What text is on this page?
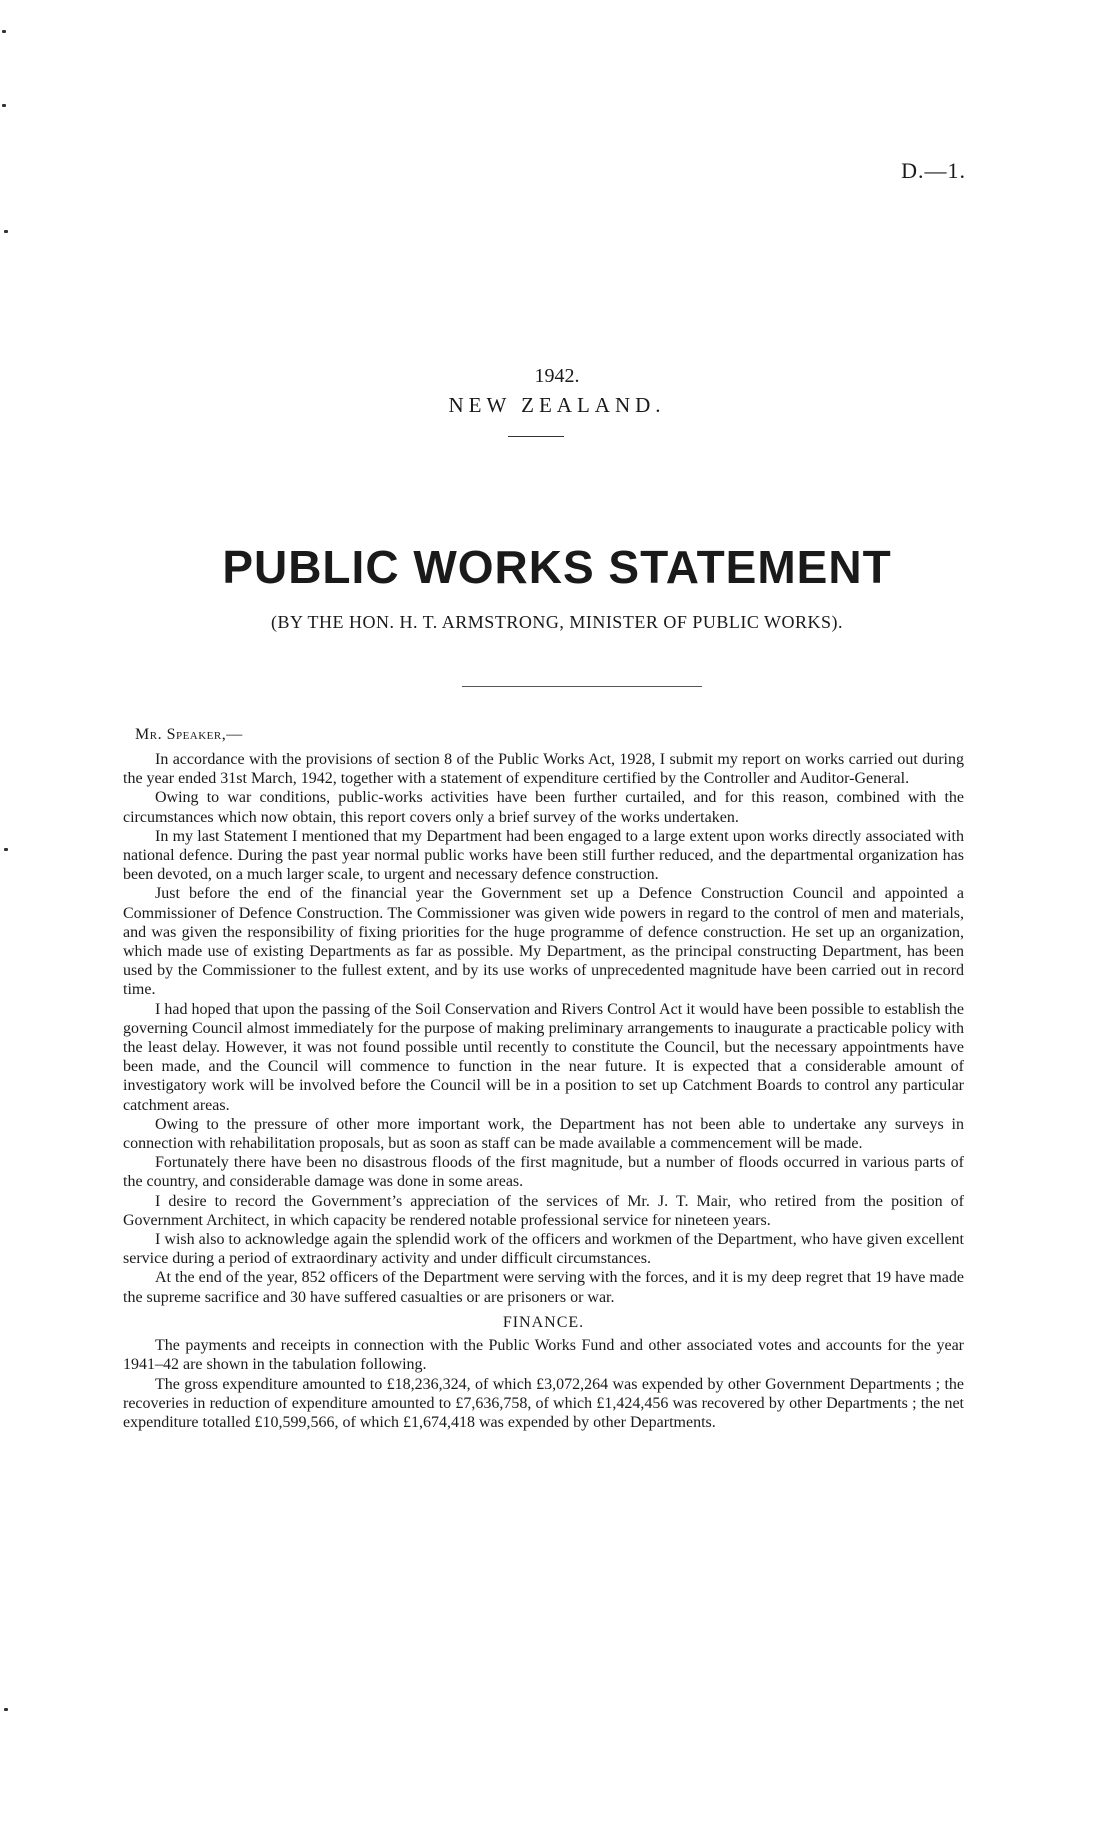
D.—1.
1942.
NEW ZEALAND.
PUBLIC WORKS STATEMENT
(BY THE HON. H. T. ARMSTRONG, MINISTER OF PUBLIC WORKS).
Mr. Speaker,—

In accordance with the provisions of section 8 of the Public Works Act, 1928, I submit my report on works carried out during the year ended 31st March, 1942, together with a statement of expenditure certified by the Controller and Auditor-General.

Owing to war conditions, public-works activities have been further curtailed, and for this reason, combined with the circumstances which now obtain, this report covers only a brief survey of the works undertaken.

In my last Statement I mentioned that my Department had been engaged to a large extent upon works directly associated with national defence. During the past year normal public works have been still further reduced, and the departmental organization has been devoted, on a much larger scale, to urgent and necessary defence construction.

Just before the end of the financial year the Government set up a Defence Construction Council and appointed a Commissioner of Defence Construction. The Commissioner was given wide powers in regard to the control of men and materials, and was given the responsibility of fixing priorities for the huge programme of defence construction. He set up an organization, which made use of existing Departments as far as possible. My Department, as the principal constructing Department, has been used by the Commissioner to the fullest extent, and by its use works of unprecedented magnitude have been carried out in record time.

I had hoped that upon the passing of the Soil Conservation and Rivers Control Act it would have been possible to establish the governing Council almost immediately for the purpose of making preliminary arrangements to inaugurate a practicable policy with the least delay. However, it was not found possible until recently to constitute the Council, but the necessary appointments have been made, and the Council will commence to function in the near future. It is expected that a considerable amount of investigatory work will be involved before the Council will be in a position to set up Catchment Boards to control any particular catchment areas.

Owing to the pressure of other more important work, the Department has not been able to undertake any surveys in connection with rehabilitation proposals, but as soon as staff can be made available a commencement will be made.

Fortunately there have been no disastrous floods of the first magnitude, but a number of floods occurred in various parts of the country, and considerable damage was done in some areas.

I desire to record the Government’s appreciation of the services of Mr. J. T. Mair, who retired from the position of Government Architect, in which capacity be rendered notable professional service for nineteen years.

I wish also to acknowledge again the splendid work of the officers and workmen of the Department, who have given excellent service during a period of extraordinary activity and under difficult circumstances.

At the end of the year, 852 officers of the Department were serving with the forces, and it is my deep regret that 19 have made the supreme sacrifice and 30 have suffered casualties or are prisoners or war.

FINANCE.

The payments and receipts in connection with the Public Works Fund and other associated votes and accounts for the year 1941–42 are shown in the tabulation following.

The gross expenditure amounted to £18,236,324, of which £3,072,264 was expended by other Government Departments ; the recoveries in reduction of expenditure amounted to £7,636,758, of which £1,424,456 was recovered by other Departments ; the net expenditure totalled £10,599,566, of which £1,674,418 was expended by other Departments.
